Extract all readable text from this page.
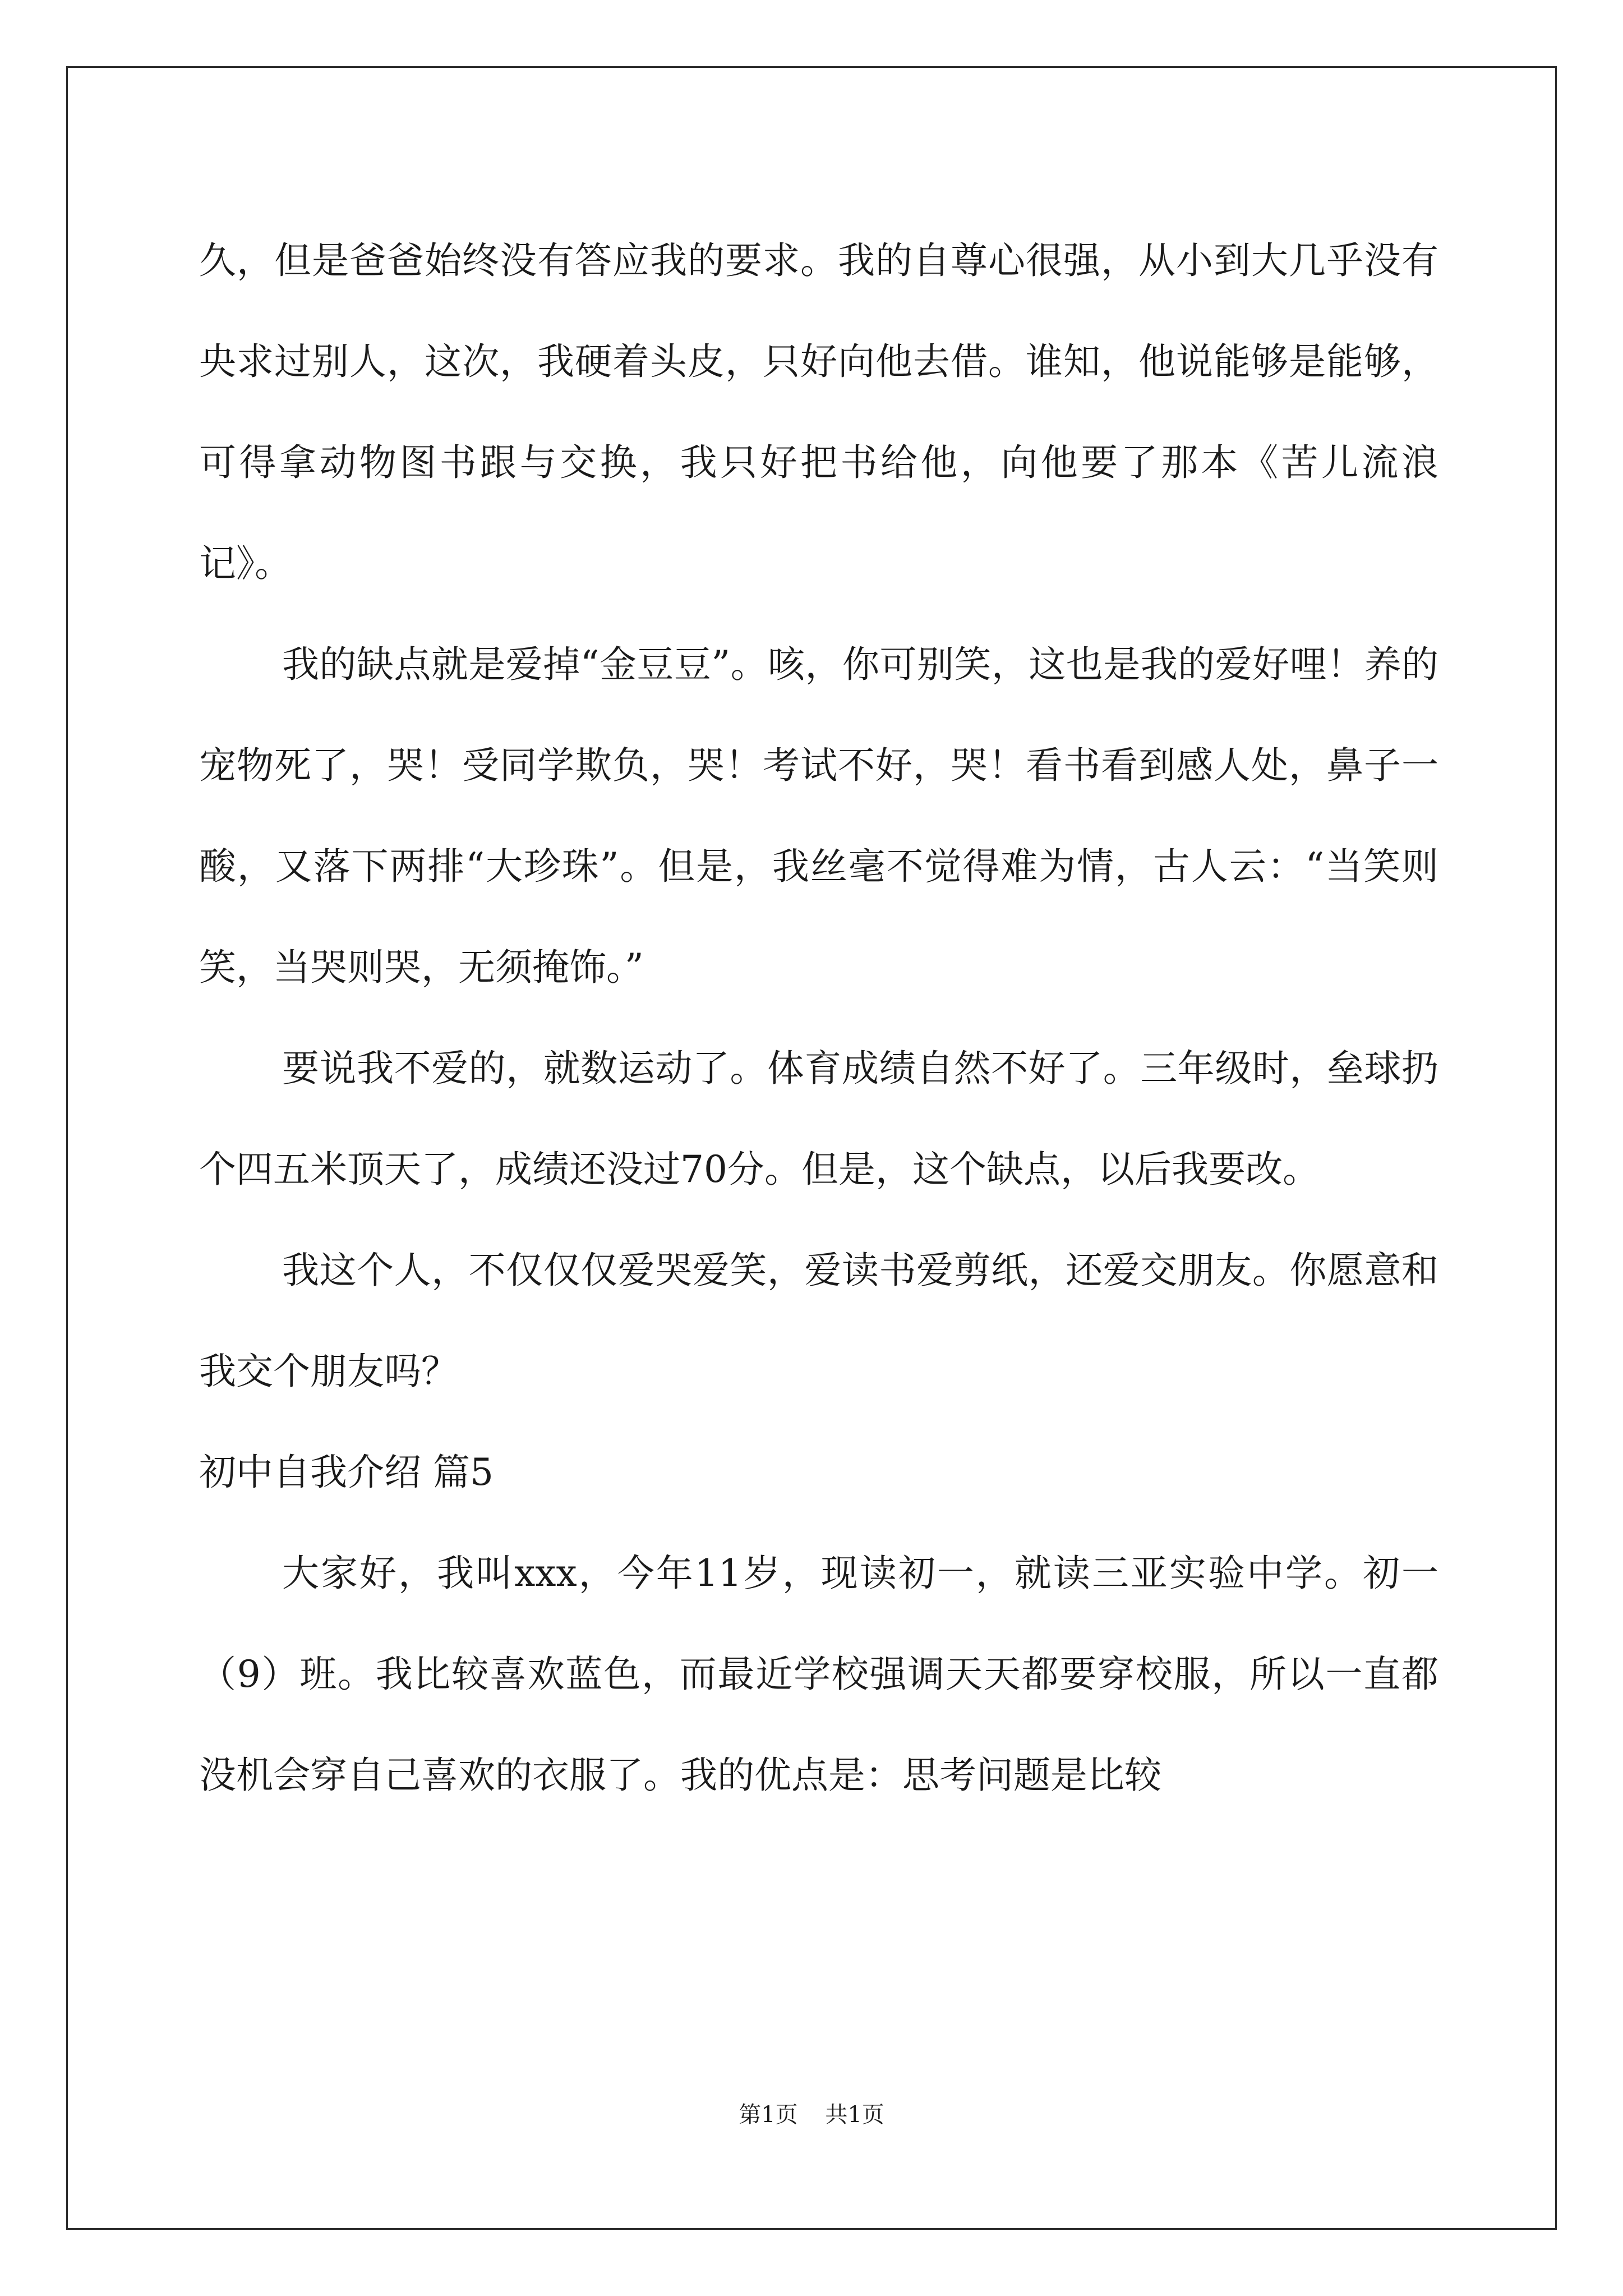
久，但是爸爸始终没有答应我的要求。我的自尊心很强，从小到大几乎没有央求过别人，这次，我硬着头皮，只好向他去借。谁知，他说能够是能够，可得拿动物图书跟与交换，我只好把书给他，向他要了那本《苦儿流浪记》。

我的缺点就是爱掉“金豆豆”。咳，你可别笑，这也是我的爱好哩！养的宠物死了，哭！受同学欺负，哭！考试不好，哭！看书看到感人处，鼻子一酸，又落下两排“大珍珠”。但是，我丝毫不觉得难为情，古人云：“当笑则笑，当哭则哭，无须掩饰。”

要说我不爱的，就数运动了。体育成绩自然不好了。三年级时，垒球扔个四五米顶天了，成绩还没过70分。但是，这个缺点，以后我要改。

我这个人，不仅仅仅爱哭爱笑，爱读书爱剪纸，还爱交朋友。你愿意和我交个朋友吗？

初中自我介绍 篇5

大家好，我叫xxx，今年11岁，现读初一，就读三亚实验中学。初一（9）班。我比较喜欢蓝色，而最近学校强调天天都要穿校服，所以一直都没机会穿自己喜欢的衣服了。我的优点是：思考问题是比较

第1页 共1页
